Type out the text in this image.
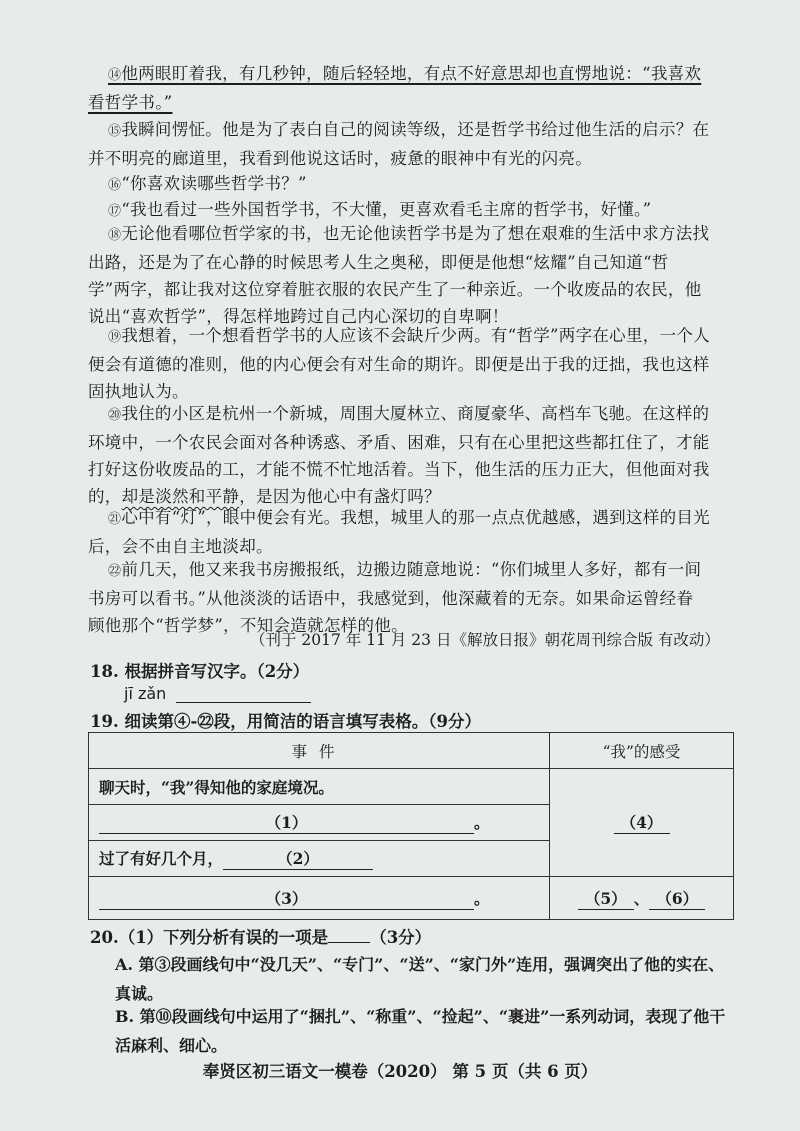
⑭他两眼盯着我，有几秒钟，随后轻轻地，有点不好意思却也直愣地说：“我喜欢看哲学书。”
⑮我瞬间愣怔。他是为了表白自己的阅读等级，还是哲学书给过他生活的启示？在并不明亮的廊道里，我看到他说这话时，疲惫的眼神中有光的闪亮。
⑯“你喜欢读哪些哲学书？”
⑰“我也看过一些外国哲学书，不大懂，更喜欢看毛主席的哲学书，好懂。”
⑱无论他看哪位哲学家的书，也无论他读哲学书是为了想在艰难的生活中求方法找出路，还是为了在心静的时候思考人生之奥秘，即便是他想“炫耀”自己知道“哲学”两字，都让我对这位穿着脏衣服的农民产生了一种亲近。一个收废品的农民，他说出“喜欢哲学”，得怎样地跨过自己内心深切的自卑啊！
⑲我想着，一个想看哲学书的人应该不会缺斤少两。有“哲学”两字在心里，一个人便会有道德的准则，他的内心便会有对生命的期许。即便是出于我的迂拙，我也这样固执地认为。
⑳我住的小区是杭州一个新城，周围大厦林立、商厦豪华、高档车飞驰。在这样的环境中，一个农民会面对各种诱惑、矛盾、困难，只有在心里把这些都扛住了，才能打好这份收废品的工，才能不慌不忙地活着。当下，他生活的压力正大，但他面对我的，却是淡然和平静，是因为他心中有盏灯吗？
㉑心中有“灯”，眼中便会有光。我想，城里人的那一点点优越感，遇到这样的目光后，会不由自主地淡却。
㉒前几天，他又来我书房搬报纸，边搬边随意地说：“你们城里人多好，都有一间书房可以看书。”从他淡淡的话语中，我感觉到，他深藏着的无奈。如果命运曾经眷顾他那个“哲学梦”，不知会造就怎样的他。
（刊于 2017 年 11 月 23 日《解放日报》朝花周刊综合版 有改动）
18. 根据拼音写汉字。（2分）
jī zǎn
19. 细读第④-㉒段，用简洁的语言填写表格。（9分）
事件	“我”的感受
聊天时，“我”得知他的家庭境况。	（4）
（1） 。	
过了有好几个月， （2）	
（3） 。	（5） 、 （6）
20.（1）下列分析有误的一项是	（3分）
A. 第③段画线句中“没几天”、“专门”、“送”、“家门外”连用，强调突出了他的实在、真诚。
B. 第⑩段画线句中运用了“捆扎”、“称重”、“捡起”、“裹进”一系列动词，表现了他干活麻利、细心。
奉贤区初三语文一模卷（2020） 第 5 页（共 6 页）
